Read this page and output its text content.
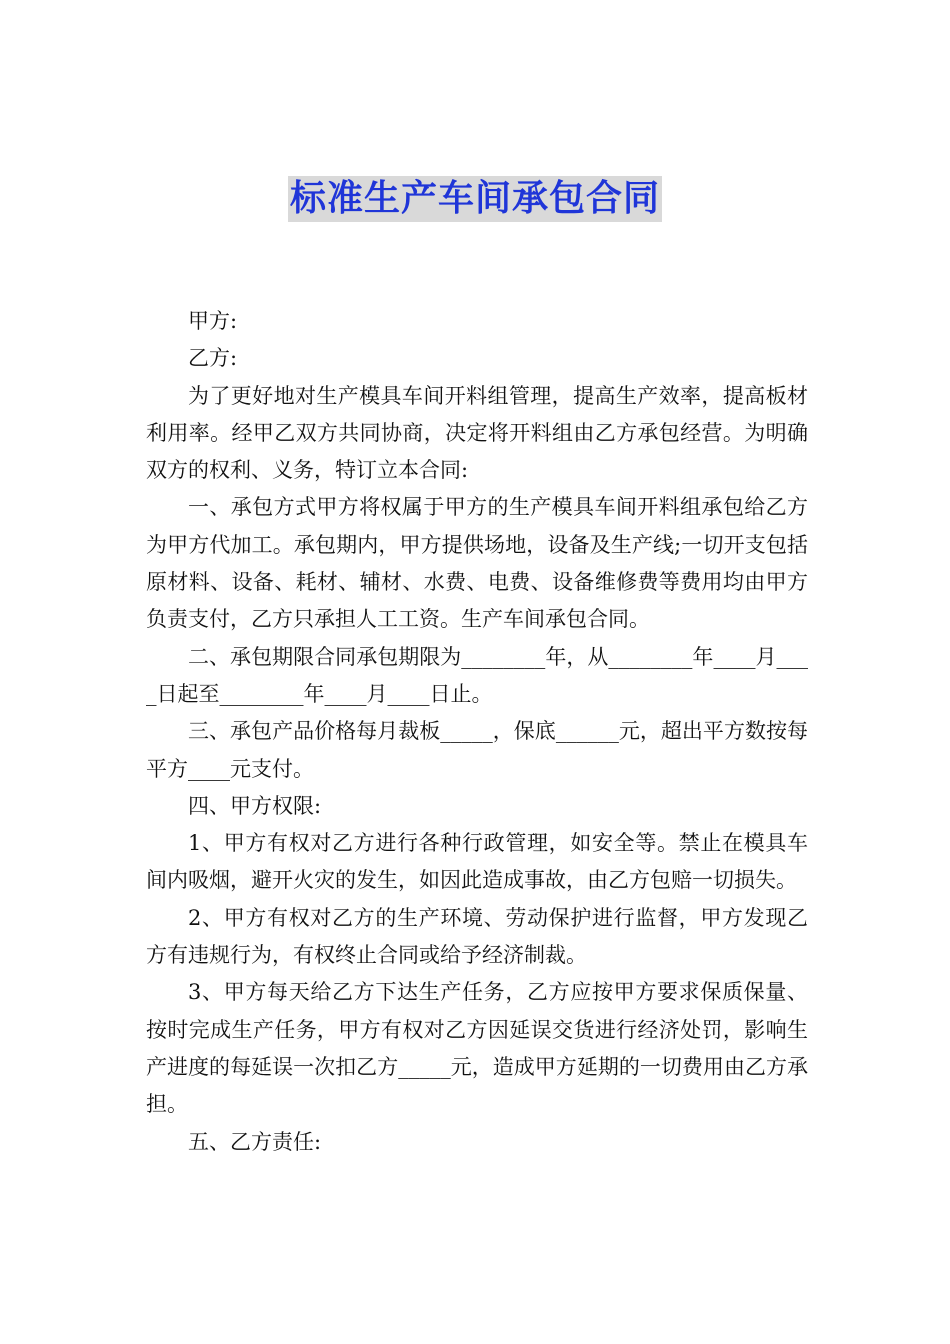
标准生产车间承包合同

甲方:

乙方:

为了更好地对生产模具车间开料组管理，提高生产效率，提高板材利用率。经甲乙双方共同协商，决定将开料组由乙方承包经营。为明确双方的权利、义务，特订立本合同:

一、承包方式甲方将权属于甲方的生产模具车间开料组承包给乙方为甲方代加工。承包期内，甲方提供场地，设备及生产线;一切开支包括原材料、设备、耗材、辅材、水费、电费、设备维修费等费用均由甲方负责支付，乙方只承担人工工资。生产车间承包合同。

二、承包期限合同承包期限为________年，从________年____月____日起至________年____月____日止。

三、承包产品价格每月裁板_____，保底______元，超出平方数按每平方____元支付。

四、甲方权限:

1、甲方有权对乙方进行各种行政管理，如安全等。禁止在模具车间内吸烟，避开火灾的发生，如因此造成事故，由乙方包赔一切损失。

2、甲方有权对乙方的生产环境、劳动保护进行监督，甲方发现乙方有违规行为，有权终止合同或给予经济制裁。

3、甲方每天给乙方下达生产任务，乙方应按甲方要求保质保量、按时完成生产任务，甲方有权对乙方因延误交货进行经济处罚，影响生产进度的每延误一次扣乙方_____元，造成甲方延期的一切费用由乙方承担。

五、乙方责任:
